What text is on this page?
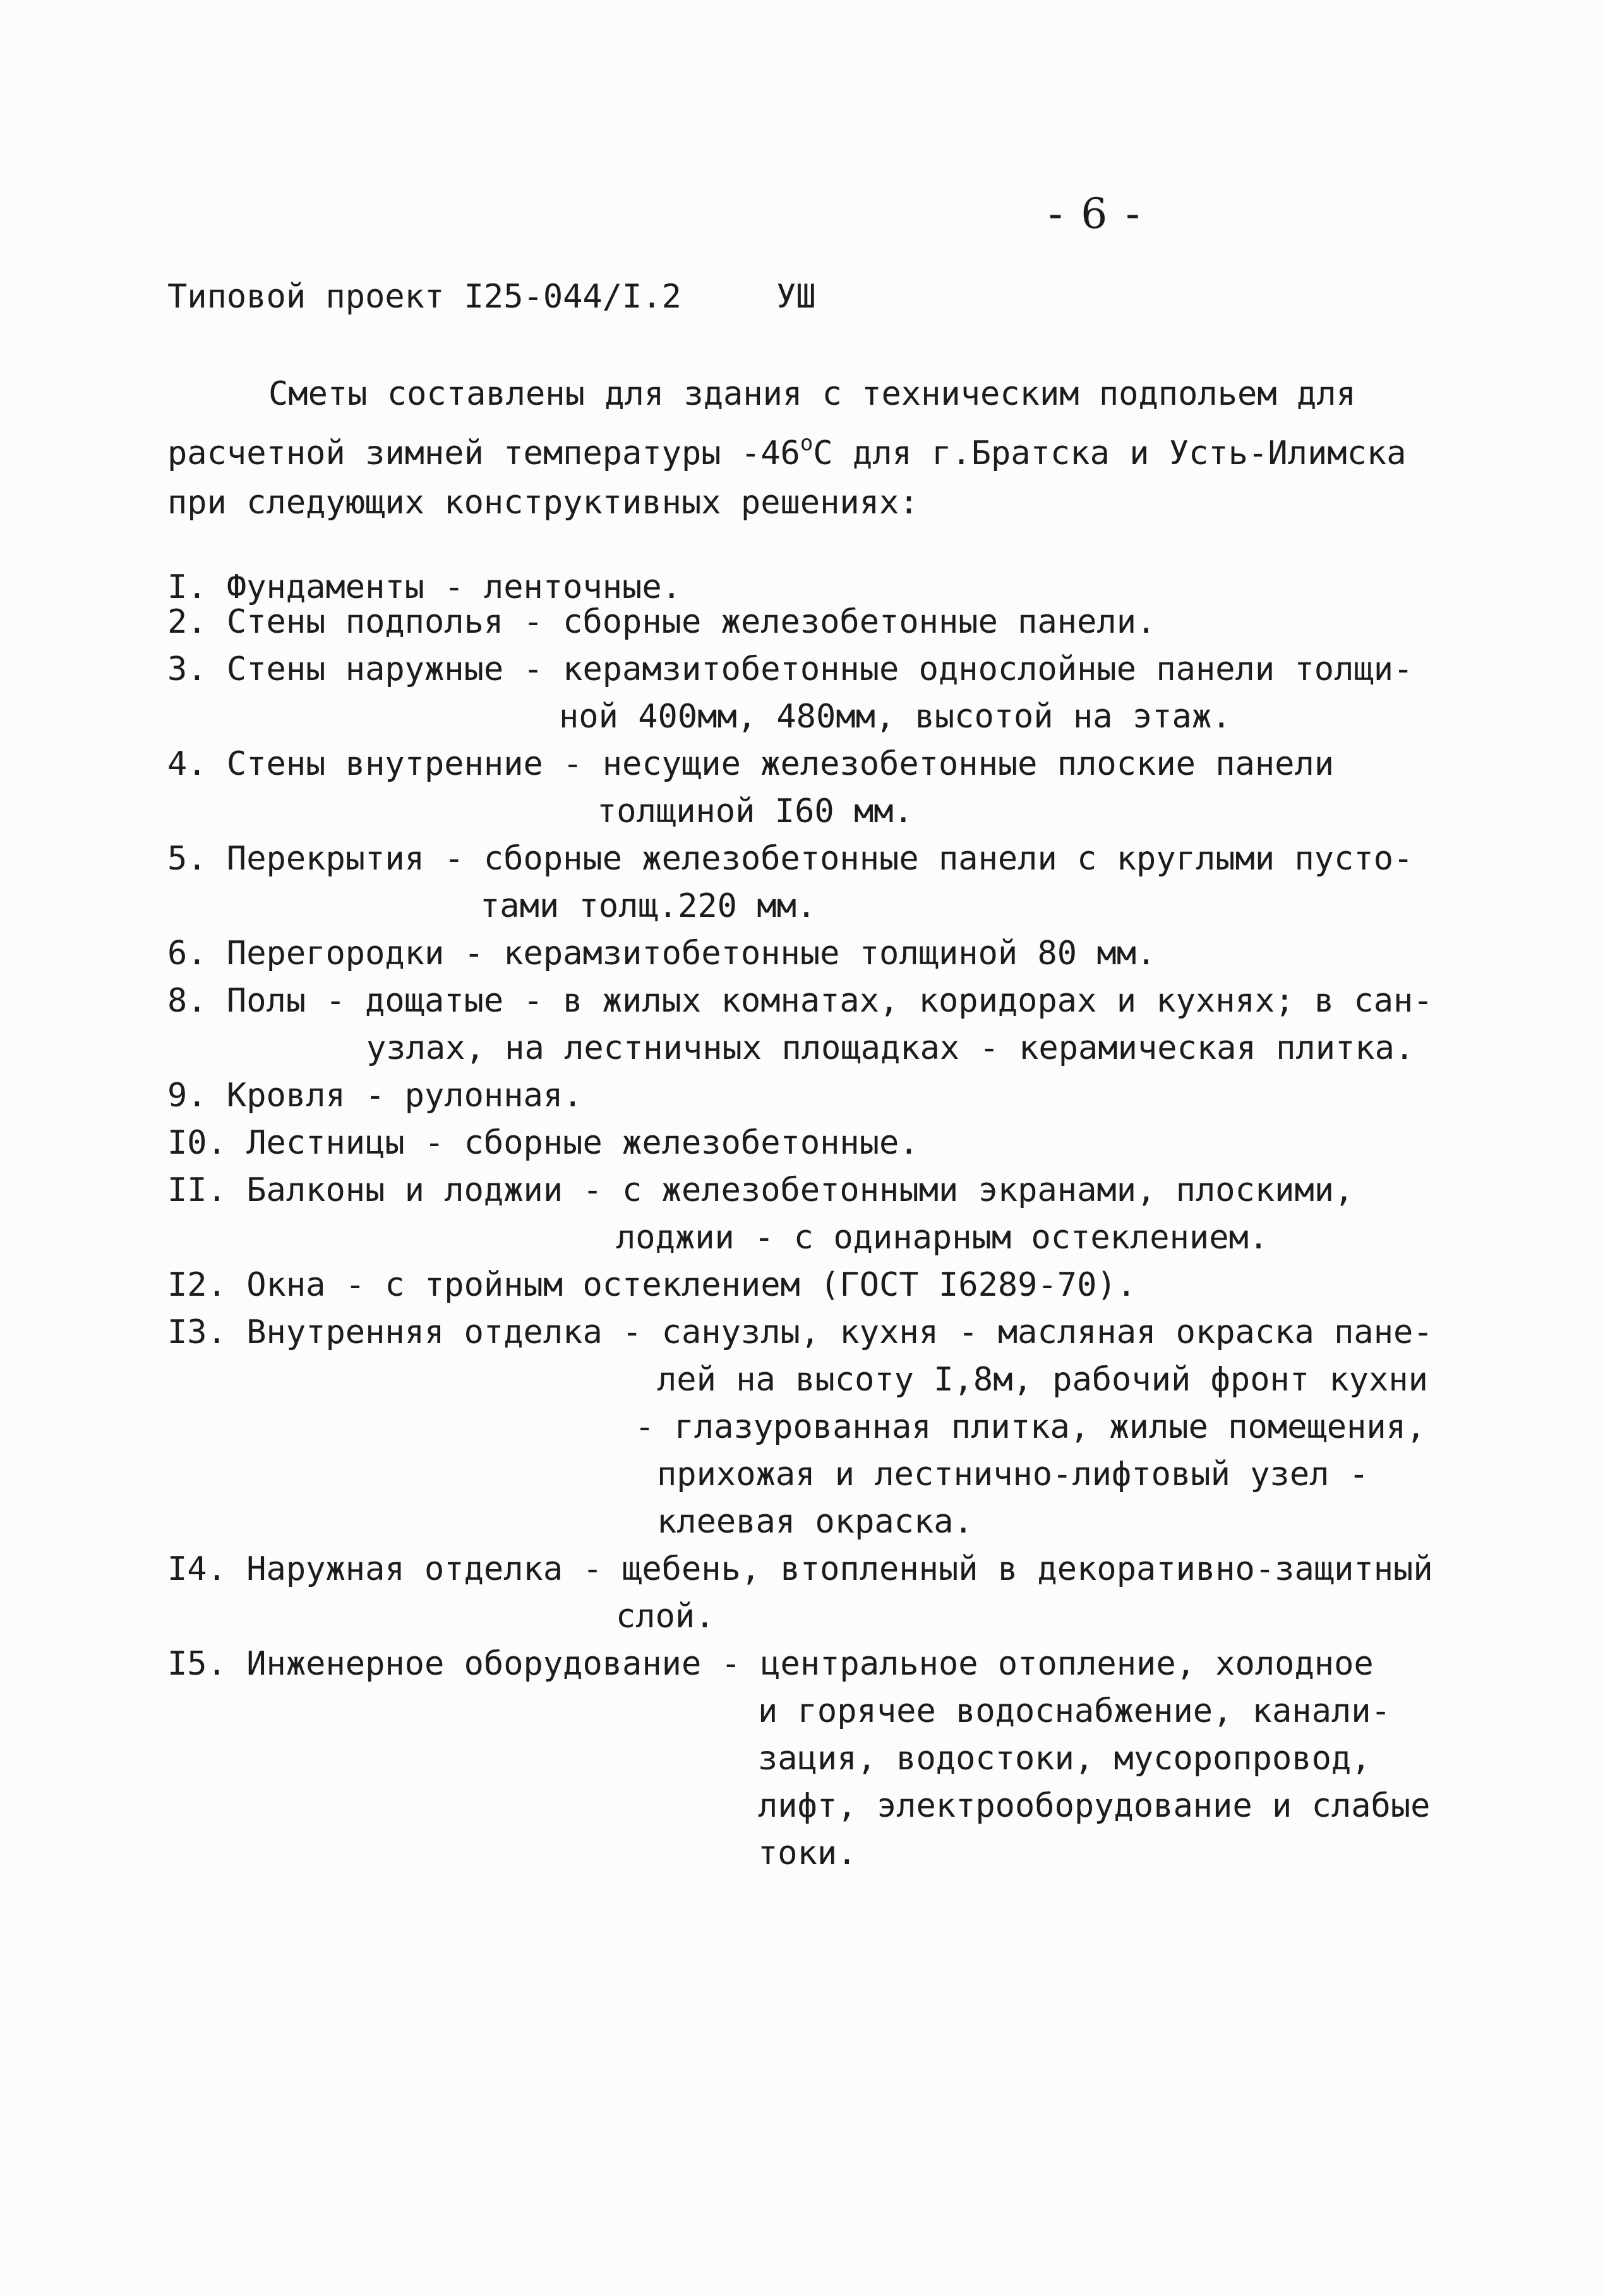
- 6 -
Типовой проект I25-044/I.2	УШ
Сметы составлены для здания с техническим подпольем для
расчетной зимней температуры $-46^оС$ для г.Братска и Усть-Илимска
при следующих конструктивных решениях:
I. Фундаменты - ленточные.
2. Стены подполья - сборные железобетонные панели.
3. Стены наружные - керамзитобетонные однослойные панели толщи-
ной 400мм, 480мм, высотой на этаж.
4. Стены внутренние - несущие железобетонные плоские панели
толщиной I60 мм.
5. Перекрытия - сборные железобетонные панели с круглыми пусто-
тами толщ.220 мм.
6. Перегородки - керамзитобетонные толщиной 80 мм.
8. Полы - дощатые - в жилых комнатах, коридорах и кухнях; в сан-
узлах, на лестничных площадках - керамическая плитка.
9. Кровля - рулонная.
I0. Лестницы - сборные железобетонные.
II. Балконы и лоджии - с железобетонными экранами, плоскими,
лоджии - с одинарным остеклением.
I2. Окна - с тройным остеклением (ГОСТ I6289-70).
I3. Внутренняя отделка - санузлы, кухня - масляная окраска пане-
лей на высоту I,8м, рабочий фронт кухни
- глазурованная плитка, жилые помещения,
прихожая и лестнично-лифтовый узел -
клеевая окраска.
I4. Наружная отделка - щебень, втопленный в декоративно-защитный
слой.
I5. Инженерное оборудование - центральное отопление, холодное
и горячее водоснабжение, канали-
зация, водостоки, мусоропровод,
лифт, электрооборудование и слабые
токи.
